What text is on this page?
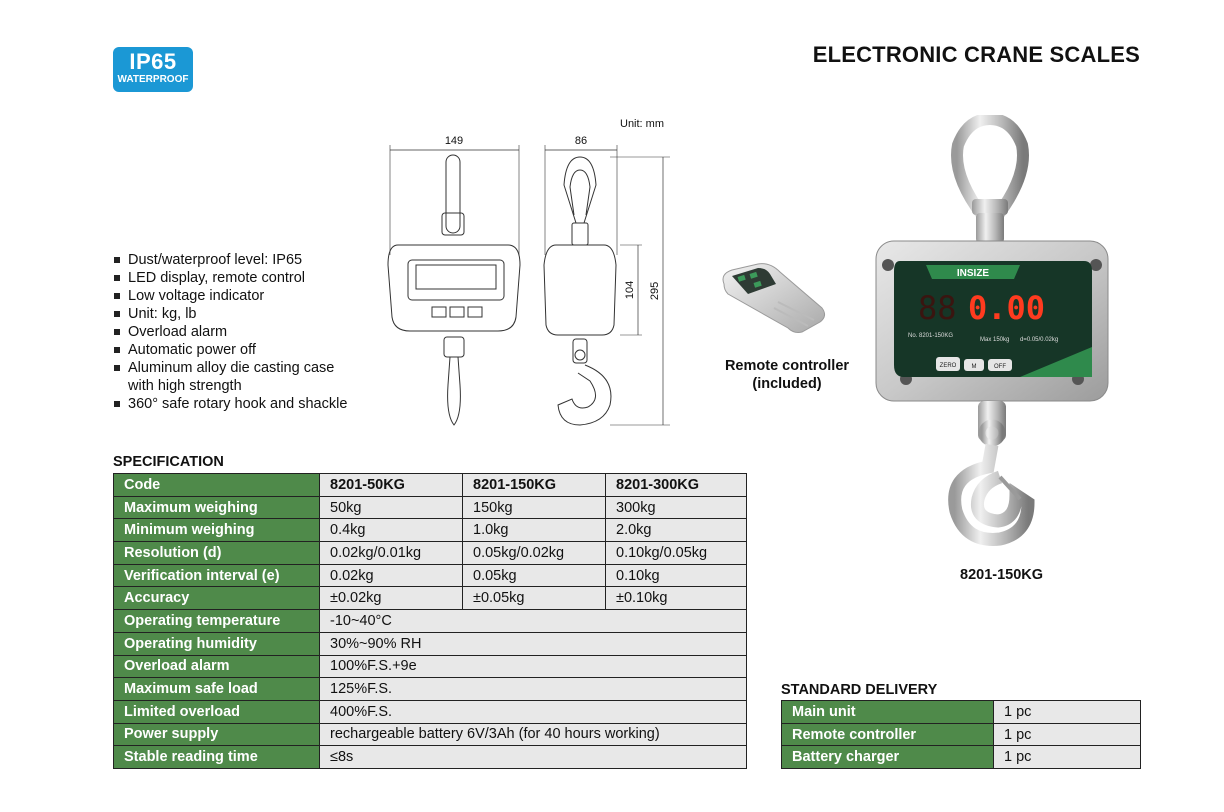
IP65
WATERPROOF
ELECTRONIC CRANE SCALES
Dust/waterproof level: IP65
LED display, remote control
Low voltage indicator
Unit: kg, lb
Overload alarm
Automatic power off
Aluminum alloy die casting case
with high strength
360° safe rotary hook and shackle
Unit: mm
149	86
104 295
Remote controller
(included)
INSIZE
88 0.00
No. 8201-150KG
Max 150kg d=0.05/0.02kg
ZERO	M	OFF
8201-150KG
SPECIFICATION
Code	8201-50KG	8201-150KG	8201-300KG
Maximum weighing	50kg	150kg	300kg
Minimum weighing	0.4kg	1.0kg	2.0kg
Resolution (d)	0.02kg/0.01kg	0.05kg/0.02kg	0.10kg/0.05kg
Verification interval (e)	0.02kg	0.05kg	0.10kg
Accuracy	±0.02kg	±0.05kg	±0.10kg
Operating temperature	-10~40°C		
Operating humidity	30%~90% RH		
Overload alarm	100%F.S.+9e		
Maximum safe load	125%F.S.		
Limited overload	400%F.S.		
Power supply	rechargeable battery 6V/3Ah (for 40 hours working)		
Stable reading time	≤8s		
STANDARD DELIVERY
Main unit	1 pc
Remote controller	1 pc
Battery charger	1 pc
